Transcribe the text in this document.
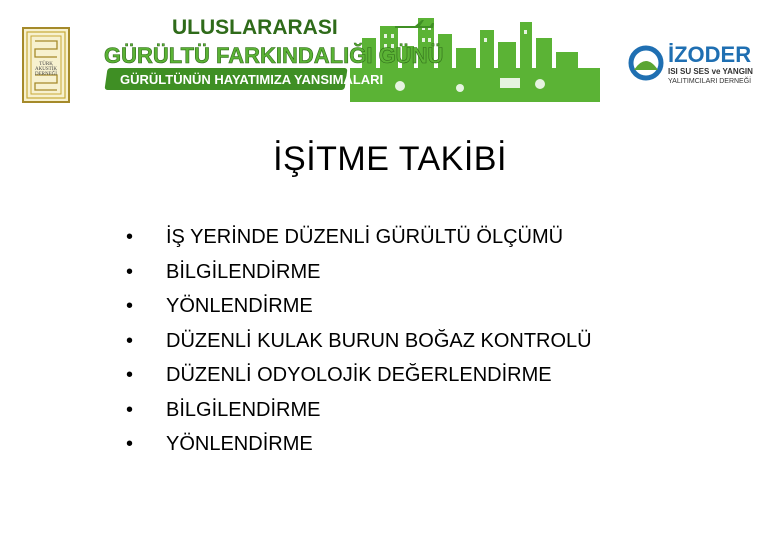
TÜRK
AKUSTİK
DERNEĞİ
ULUSLARARASI
GÜRÜLTÜ FARKINDALIĞI GÜNÜ
GÜRÜLTÜNÜN HAYATIMIZA YANSIMALARI
İZODER
ISI SU SES ve YANGIN
YALITIMCILARI DERNEĞİ
İŞİTME TAKİBİ
•	İŞ YERİNDE DÜZENLİ GÜRÜLTÜ ÖLÇÜMÜ
•	BİLGİLENDİRME
•	YÖNLENDİRME
•	DÜZENLİ KULAK BURUN BOĞAZ KONTROLÜ
•	DÜZENLİ ODYOLOJİK DEĞERLENDİRME
•	BİLGİLENDİRME
•	YÖNLENDİRME
